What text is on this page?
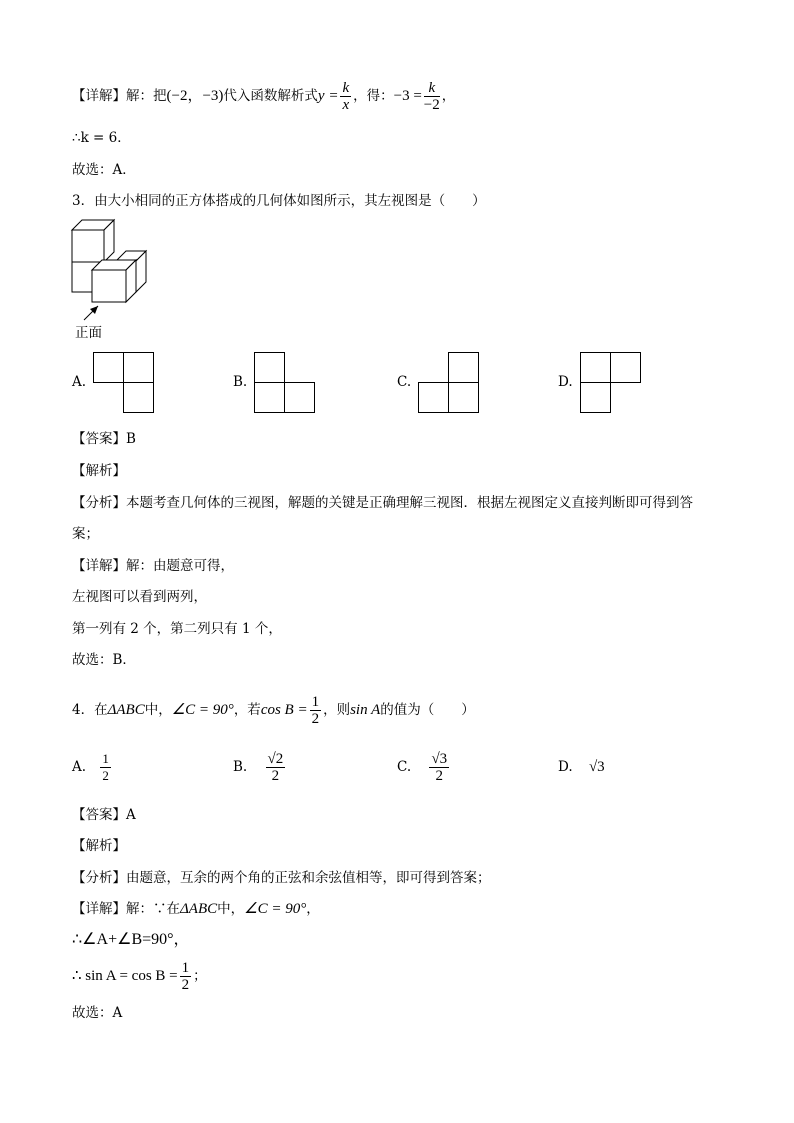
【详解】解：把(−2，−3)代入函数解析式$y = \frac{k}{x}$ ，得：$-3 = \frac{k}{-2}$ ，
∴k = 6．
故选：A．
3．由大小相同的正方体搭成的几何体如图所示，其左视图是（　　）
正面
A.	B.	C.	D.
【答案】B
【解析】
【分析】本题考查几何体的三视图，解题的关键是正确理解三视图．根据左视图定义直接判断即可得到答
案；
【详解】解：由题意可得，
左视图可以看到两列，
第一列有 2 个，第二列只有 1 个，
故选：B．
4．在ΔABC中，∠C = 90°，若$\cos B = \frac{1}{2}$ ，则sin A的值为（　　）
A. $\frac{1}{2}$	B. $\frac{√2}{2}$	C. $\frac{√3}{2}$	D. √3
【答案】A
【解析】
【分析】由题意，互余的两个角的正弦和余弦值相等，即可得到答案；
【详解】解：∵在ΔABC中，∠C = 90°，
∴∠A+∠B=90°，
∴ $\sin A = \cos B = \frac{1}{2}$ ；
故选：A
